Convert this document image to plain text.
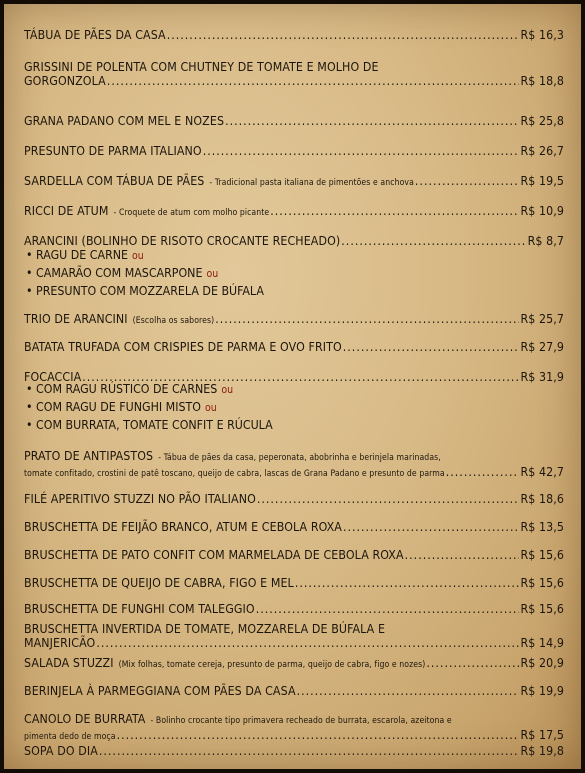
TÁBUA DE PÃES DA CASA .....	R$ 16,3
GRISSINI DE POLENTA COM CHUTNEY DE TOMATE E MOLHO DE
GORGONZOLA .....	R$ 18,8
GRANA PADANO COM MEL E NOZES .....	R$ 25,8
PRESUNTO DE PARMA ITALIANO .....	R$ 26,7
SARDELLA COM TÁBUA DE PÃES - Tradicional pasta italiana de pimentões e anchova .....	R$ 19,5
RICCI DE ATUM - Croquete de atum com molho picante .....	R$ 10,9
ARANCINI (BOLINHO DE RISOTO CROCANTE RECHEADO) .....	R$ 8,7
• RAGU DE CARNE ou
• CAMARÃO COM MASCARPONE ou
• PRESUNTO COM MOZZARELA DE BÚFALA
TRIO DE ARANCINI (Escolha os sabores) .....	R$ 25,7
BATATA TRUFADA COM CRISPIES DE PARMA E OVO FRITO .....	R$ 27,9
FOCACCIA .....	R$ 31,9
• COM RAGU RÚSTICO DE CARNES ou
• COM RAGU DE FUNGHI MISTO ou
• COM BURRATA, TOMATE CONFIT E RÚCULA
PRATO DE ANTIPASTOS - Tábua de pães da casa, peperonata, abobrinha e berinjela marinadas,
tomate confitado, crostini de patê toscano, queijo de cabra, lascas de Grana Padano e presunto de parma .....	R$ 42,7
FILÉ APERITIVO STUZZI NO PÃO ITALIANO .....	R$ 18,6
BRUSCHETTA DE FEIJÃO BRANCO, ATUM E CEBOLA ROXA .....	R$ 13,5
BRUSCHETTA DE PATO CONFIT COM MARMELADA DE CEBOLA ROXA .....	R$ 15,6
BRUSCHETTA DE QUEIJO DE CABRA, FIGO E MEL .....	R$ 15,6
BRUSCHETTA DE FUNGHI COM TALEGGIO .....	R$ 15,6
BRUSCHETTA INVERTIDA DE TOMATE, MOZZARELA DE BÚFALA E
MANJERICÃO .....	R$ 14,9
SALADA STUZZI (Mix folhas, tomate cereja, presunto de parma, queijo de cabra, figo e nozes) .....	R$ 20,9
BERINJELA À PARMEGGIANA COM PÃES DA CASA .....	R$ 19,9
CANOLO DE BURRATA - Bolinho crocante tipo primavera recheado de burrata, escarola, azeitona e
pimenta dedo de moça .....	R$ 17,5
SOPA DO DIA .....	R$ 19,8
